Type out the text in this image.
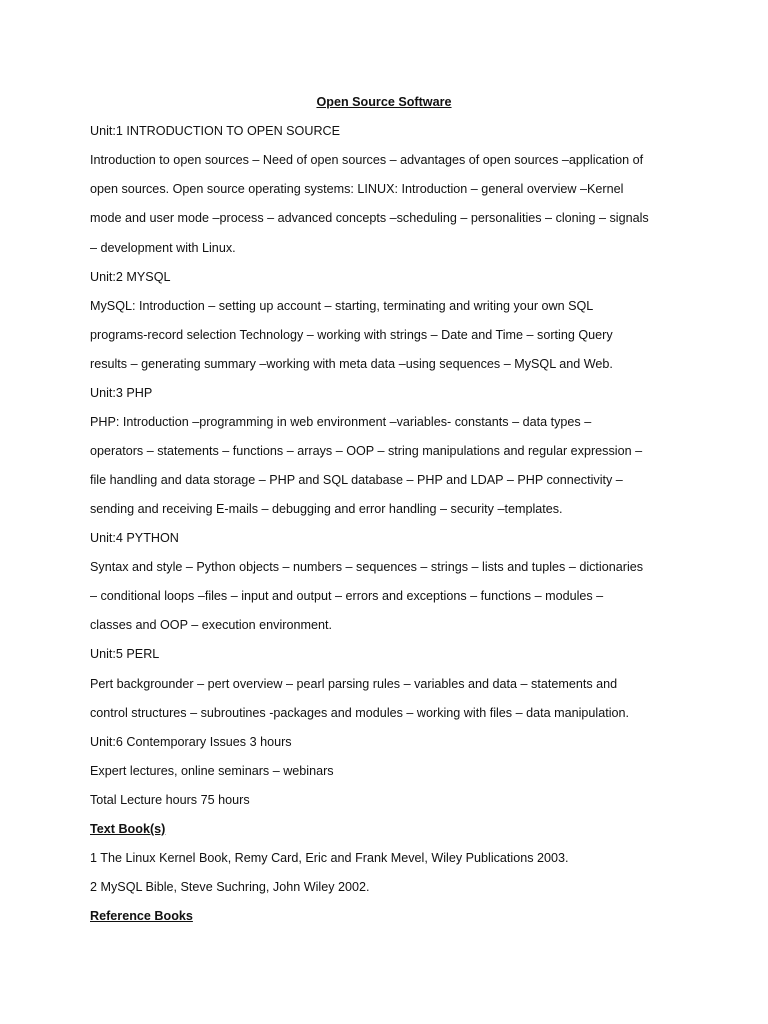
Open Source Software
Unit:1 INTRODUCTION TO OPEN SOURCE
Introduction to open sources – Need of open sources – advantages of open sources –application of
open sources. Open source operating systems: LINUX: Introduction – general overview –Kernel
mode and user mode –process – advanced concepts –scheduling – personalities – cloning – signals
– development with Linux.
Unit:2 MYSQL
MySQL: Introduction – setting up account – starting, terminating and writing your own SQL
programs-record selection Technology – working with strings – Date and Time – sorting Query
results – generating summary –working with meta data –using sequences – MySQL and Web.
Unit:3 PHP
PHP: Introduction –programming in web environment –variables- constants – data types –
operators – statements – functions – arrays – OOP – string manipulations and regular expression –
file handling and data storage – PHP and SQL database – PHP and LDAP – PHP connectivity –
sending and receiving E-mails – debugging and error handling – security –templates.
Unit:4 PYTHON
Syntax and style – Python objects – numbers – sequences – strings – lists and tuples – dictionaries
– conditional loops –files – input and output – errors and exceptions – functions – modules –
classes and OOP – execution environment.
Unit:5 PERL
Pert backgrounder – pert overview – pearl parsing rules – variables and data – statements and
control structures – subroutines -packages and modules – working with files – data manipulation.
Unit:6 Contemporary Issues 3 hours
Expert lectures, online seminars – webinars
Total Lecture hours 75 hours
Text Book(s)
1 The Linux Kernel Book, Remy Card, Eric and Frank Mevel, Wiley Publications 2003.
2 MySQL Bible, Steve Suchring, John Wiley 2002.
Reference Books
